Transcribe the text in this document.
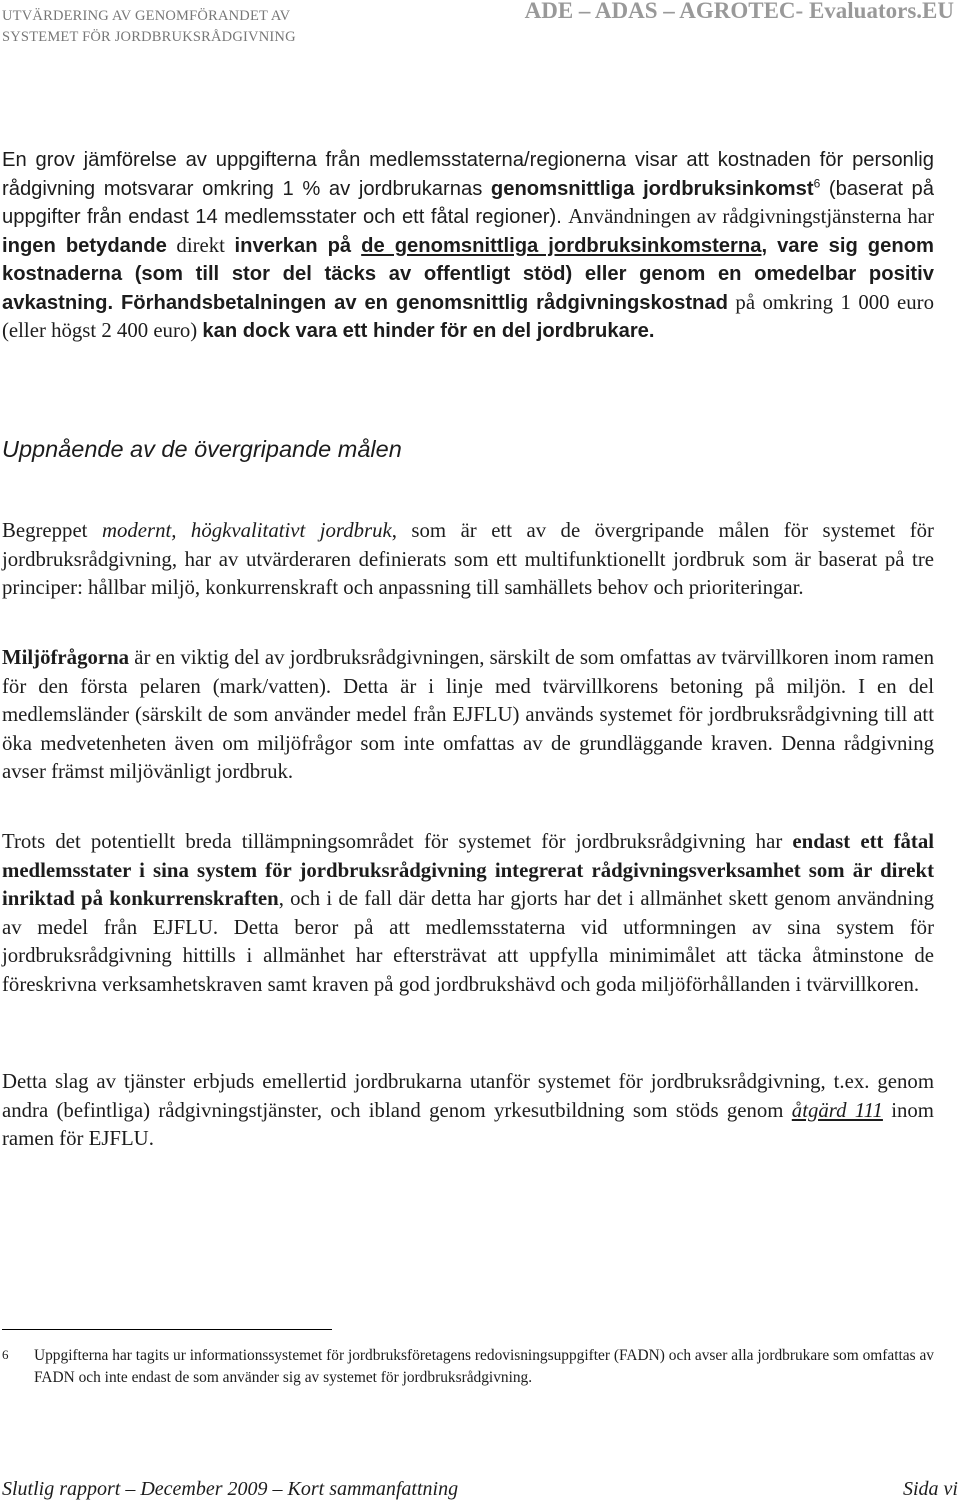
UTVÄRDERING AV GENOMFÖRANDET AV
SYSTEMET FÖR JORDBRUKSRÅDGIVNING
ADE – ADAS – AGROTEC- Evaluators.EU
En grov jämförelse av uppgifterna från medlemsstaterna/regionerna visar att kostnaden för personlig rådgivning motsvarar omkring 1 % av jordbrukarnas genomsnittliga jordbruksinkomst$^6$ (baserat på uppgifter från endast 14 medlemsstater och ett fåtal regioner). Användningen av rådgivningstjänsterna har ingen betydande direkt inverkan på de genomsnittliga jordbruksinkomsterna, vare sig genom kostnaderna (som till stor del täcks av offentligt stöd) eller genom en omedelbar positiv avkastning. Förhandsbetalningen av en genomsnittlig rådgivningskostnad på omkring 1 000 euro (eller högst 2 400 euro) kan dock vara ett hinder för en del jordbrukare.
Uppnående av de övergripande målen
Begreppet modernt, högkvalitativt jordbruk, som är ett av de övergripande målen för systemet för jordbruksrådgivning, har av utvärderaren definierats som ett multifunktionellt jordbruk som är baserat på tre principer: hållbar miljö, konkurrenskraft och anpassning till samhällets behov och prioriteringar.
Miljöfrågorna är en viktig del av jordbruksrådgivningen, särskilt de som omfattas av tvärvillkoren inom ramen för den första pelaren (mark/vatten). Detta är i linje med tvärvillkorens betoning på miljön. I en del medlemsländer (särskilt de som använder medel från EJFLU) används systemet för jordbruksrådgivning till att öka medvetenheten även om miljöfrågor som inte omfattas av de grundläggande kraven. Denna rådgivning avser främst miljövänligt jordbruk.
Trots det potentiellt breda tillämpningsområdet för systemet för jordbruksrådgivning har endast ett fåtal medlemsstater i sina system för jordbruksrådgivning integrerat rådgivningsverksamhet som är direkt inriktad på konkurrenskraften, och i de fall där detta har gjorts har det i allmänhet skett genom användning av medel från EJFLU. Detta beror på att medlemsstaterna vid utformningen av sina system för jordbruksrådgivning hittills i allmänhet har eftersträvat att uppfylla minimimålet att täcka åtminstone de föreskrivna verksamhetskraven samt kraven på god jordbrukshävd och goda miljöförhållanden i tvärvillkoren.
Detta slag av tjänster erbjuds emellertid jordbrukarna utanför systemet för jordbruksrådgivning, t.ex. genom andra (befintliga) rådgivningstjänster, och ibland genom yrkesutbildning som stöds genom åtgärd 111 inom ramen för EJFLU.
6 Uppgifterna har tagits ur informationssystemet för jordbruksföretagens redovisningsuppgifter (FADN) och avser alla jordbrukare som omfattas av FADN och inte endast de som använder sig av systemet för jordbruksrådgivning.
Slutlig rapport – December 2009 – Kort sammanfattning	Sida vi
